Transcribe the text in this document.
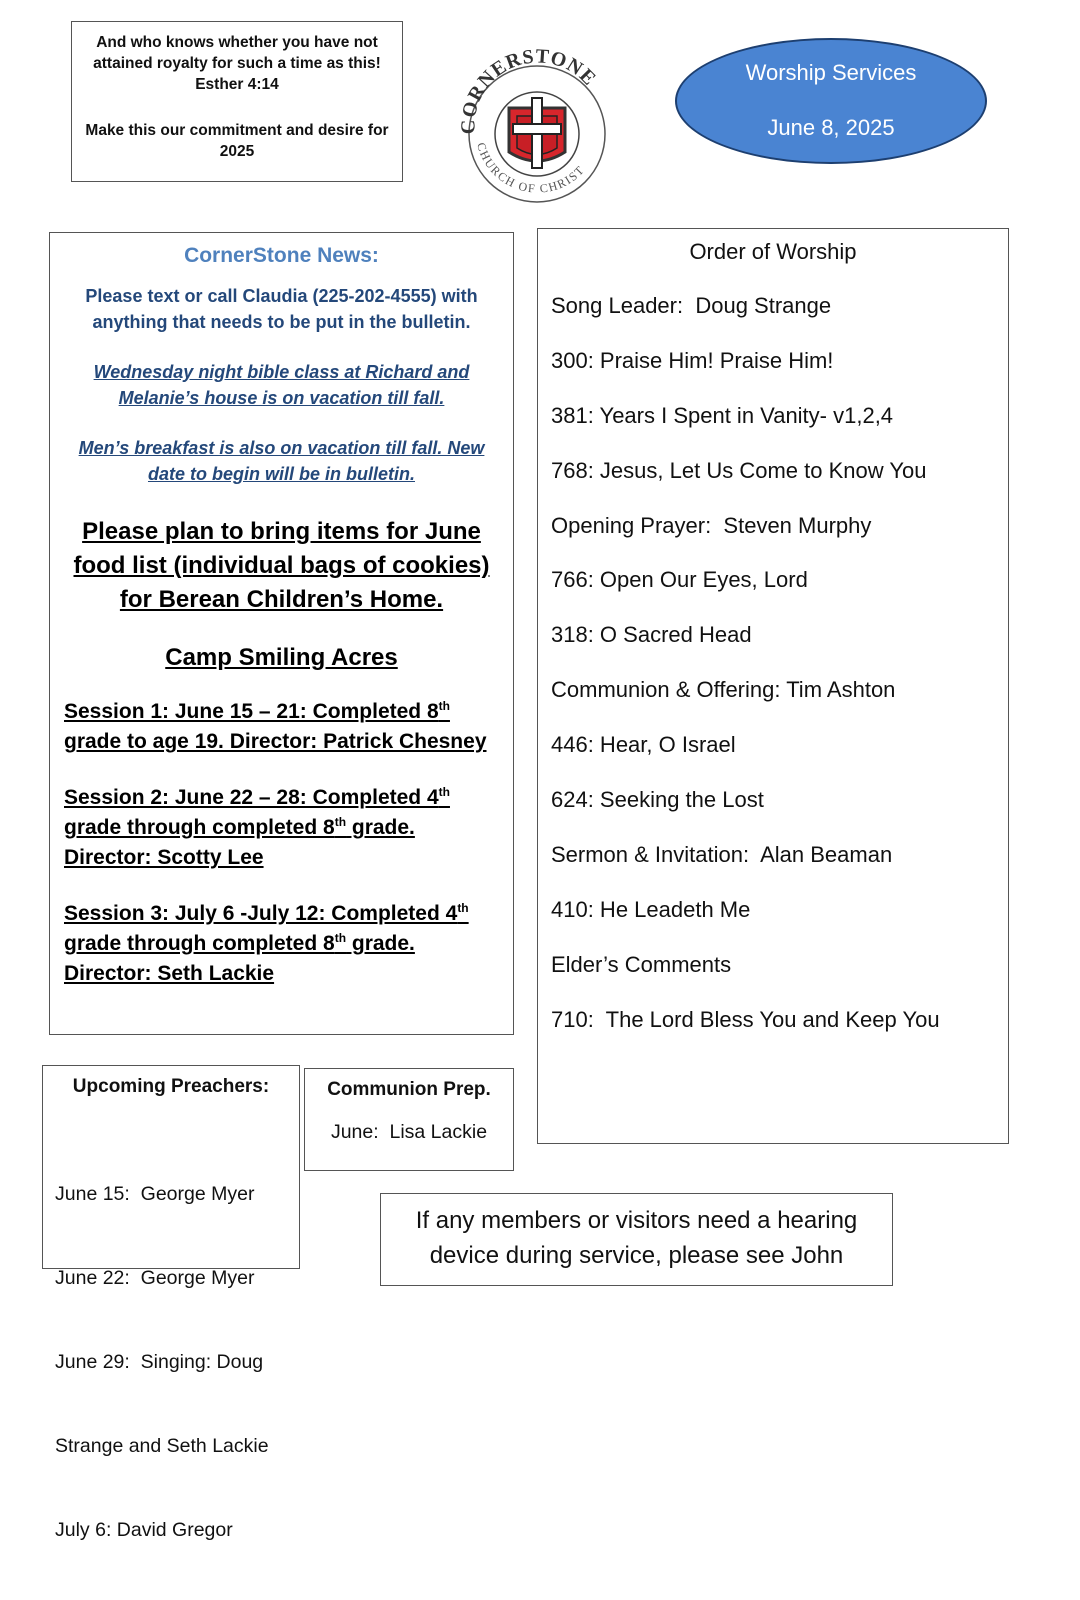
And who knows whether you have not attained royalty for such a time as this!

Esther 4:14

Make this our commitment and desire for 2025

CORNERSTONE
CHURCH OF CHRIST
Worship Services
June 8, 2025
CornerStone News:
Please text or call Claudia (225-202-4555) with anything that needs to be put in the bulletin.
Wednesday night bible class at Richard and Melanie’s house is on vacation till fall.
Men’s breakfast is also on vacation till fall. New date to begin will be in bulletin.
Please plan to bring items for June food list (individual bags of cookies) for Berean Children’s Home.
Camp Smiling Acres
Session 1: June 15 – 21: Completed 8th grade to age 19. Director: Patrick Chesney
Session 2: June 22 – 28: Completed 4th grade through completed 8th grade. Director: Scotty Lee
Session 3: July 6 -July 12: Completed 4th grade through completed 8th grade. Director: Seth Lackie
Order of Worship
Song Leader:  Doug Strange
300: Praise Him! Praise Him!
381: Years I Spent in Vanity- v1,2,4
768: Jesus, Let Us Come to Know You
Opening Prayer:  Steven Murphy
766: Open Our Eyes, Lord
318: O Sacred Head
Communion & Offering: Tim Ashton
446: Hear, O Israel
624: Seeking the Lost
Sermon & Invitation:  Alan Beaman
410: He Leadeth Me
Elder’s Comments
710:  The Lord Bless You and Keep You
Upcoming Preachers:

June 15:  George Myer

June 22:  George Myer

June 29:  Singing: Doug

Strange and Seth Lackie

July 6: David Gregor

Communion Prep.
June:  Lisa Lackie
If any members or visitors need a hearing device during service, please see John
